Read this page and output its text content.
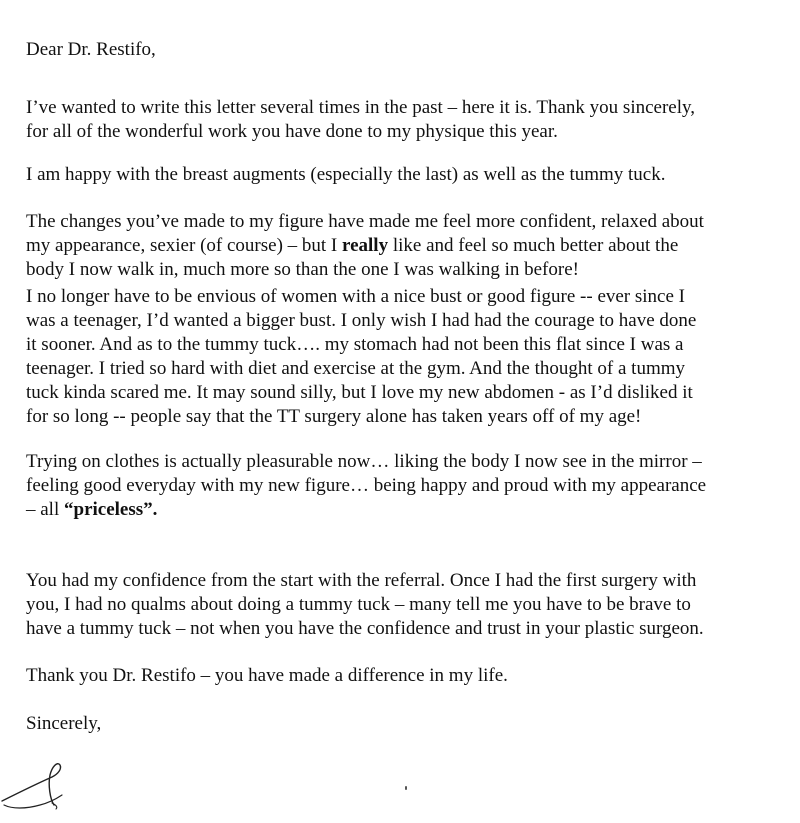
Dear Dr. Restifo,
I’ve wanted to write this letter several times in the past – here it is. Thank you sincerely,
for all of the wonderful work you have done to my physique this year.
I am happy with the breast augments (especially the last) as well as the tummy tuck.
The changes you’ve made to my figure have made me feel more confident, relaxed about
my appearance, sexier (of course) – but I really like and feel so much better about the
body I now walk in, much more so than the one I was walking in before!
I no longer have to be envious of women with a nice bust or good figure -- ever since I
was a teenager, I’d wanted a bigger bust. I only wish I had had the courage to have done
it sooner. And as to the tummy tuck…. my stomach had not been this flat since I was a
teenager. I tried so hard with diet and exercise at the gym. And the thought of a tummy
tuck kinda scared me. It may sound silly, but I love my new abdomen - as I’d disliked it
for so long -- people say that the TT surgery alone has taken years off of my age!
Trying on clothes is actually pleasurable now… liking the body I now see in the mirror –
feeling good everyday with my new figure… being happy and proud with my appearance
– all “priceless”.
You had my confidence from the start with the referral. Once I had the first surgery with
you, I had no qualms about doing a tummy tuck – many tell me you have to be brave to
have a tummy tuck – not when you have the confidence and trust in your plastic surgeon.
Thank you Dr. Restifo – you have made a difference in my life.
Sincerely,
